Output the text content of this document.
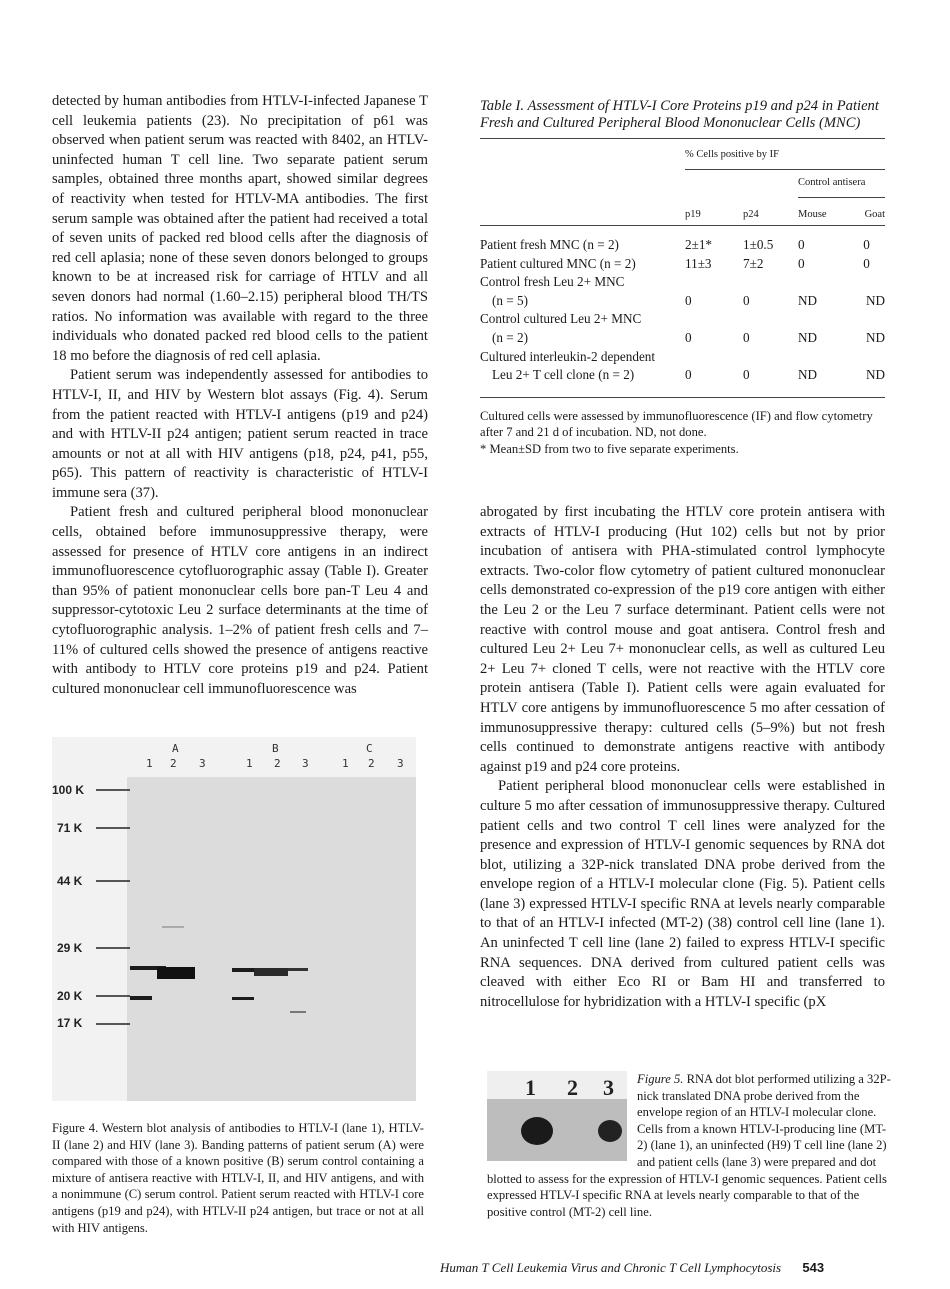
detected by human antibodies from HTLV-I-infected Japanese T cell leukemia patients (23). No precipitation of p61 was observed when patient serum was reacted with 8402, an HTLV-uninfected human T cell line. Two separate patient serum samples, obtained three months apart, showed similar degrees of reactivity when tested for HTLV-MA antibodies. The first serum sample was obtained after the patient had received a total of seven units of packed red blood cells after the diagnosis of red cell aplasia; none of these seven donors belonged to groups known to be at increased risk for carriage of HTLV and all seven donors had normal (1.60–2.15) peripheral blood TH/TS ratios. No information was available with regard to the three individuals who donated packed red blood cells to the patient 18 mo before the diagnosis of red cell aplasia.

Patient serum was independently assessed for antibodies to HTLV-I, II, and HIV by Western blot assays (Fig. 4). Serum from the patient reacted with HTLV-I antigens (p19 and p24) and with HTLV-II p24 antigen; patient serum reacted in trace amounts or not at all with HIV antigens (p18, p24, p41, p55, p65). This pattern of reactivity is characteristic of HTLV-I immune sera (37).

Patient fresh and cultured peripheral blood mononuclear cells, obtained before immunosuppressive therapy, were assessed for presence of HTLV core antigens in an indirect immunofluorescence cytofluorographic assay (Table I). Greater than 95% of patient mononuclear cells bore pan-T Leu 4 and suppressor-cytotoxic Leu 2 surface determinants at the time of cytofluorographic analysis. 1–2% of patient fresh cells and 7–11% of cultured cells showed the presence of antigens reactive with antibody to HTLV core proteins p19 and p24. Patient cultured mononuclear cell immunofluorescence was

Table I. Assessment of HTLV-I Core Proteins p19 and p24 in Patient Fresh and Cultured Peripheral Blood Mononuclear Cells (MNC)

	% Cells positive by IF			
			Control antisera	
	p19	p24	Mouse	Goat

Patient fresh MNC (n = 2)	2±1*	1±0.5	0	0
Patient cultured MNC (n = 2)	11±3	7±2	0	0
Control fresh Leu 2+ MNC				
(n = 5)	0	0	ND	ND
Control cultured Leu 2+ MNC				
(n = 2)	0	0	ND	ND
Cultured interleukin-2 dependent				
Leu 2+ T cell clone (n = 2)	0	0	ND	ND

Cultured cells were assessed by immunofluorescence (IF) and flow cytometry after 7 and 21 d of incubation. ND, not done.
* Mean±SD from two to five separate experiments.

abrogated by first incubating the HTLV core protein antisera with extracts of HTLV-I producing (Hut 102) cells but not by prior incubation of antisera with PHA-stimulated control lymphocyte extracts. Two-color flow cytometry of patient cultured mononuclear cells demonstrated co-expression of the p19 core antigen with either the Leu 2 or the Leu 7 surface determinant. Patient cells were not reactive with control mouse and goat antisera. Control fresh and cultured Leu 2+ Leu 7+ mononuclear cells, as well as cultured Leu 2+ Leu 7+ cloned T cells, were not reactive with the HTLV core protein antisera (Table I). Patient cells were again evaluated for HTLV core antigens by immunofluorescence 5 mo after cessation of immunosuppressive therapy: cultured cells (5–9%) but not fresh cells continued to demonstrate antigens reactive with antibody against p19 and p24 core proteins.

Patient peripheral blood mononuclear cells were established in culture 5 mo after cessation of immunosuppressive therapy. Cultured patient cells and two control T cell lines were analyzed for the presence and expression of HTLV-I genomic sequences by RNA dot blot, utilizing a 32P-nick translated DNA probe derived from the envelope region of a HTLV-I molecular clone (Fig. 5). Patient cells (lane 3) expressed HTLV-I specific RNA at levels nearly comparable to that of an HTLV-I infected (MT-2) (38) control cell line (lane 1). An uninfected T cell line (lane 2) failed to express HTLV-I specific RNA sequences. DNA derived from cultured patient cells was cleaved with either Eco RI or Bam HI and transferred to nitrocellulose for hybridization with a HTLV-I specific (pX

A	B	C
1 2 3	1 2 3	1 2 3
100 K
71 K
44 K
29 K
20 K
17 K
Figure 4. Western blot analysis of antibodies to HTLV-I (lane 1), HTLV-II (lane 2) and HIV (lane 3). Banding patterns of patient serum (A) were compared with those of a known positive (B) serum control containing a mixture of antisera reactive with HTLV-I, II, and HIV antigens, and with a nonimmune (C) serum control. Patient serum reacted with HTLV-I core antigens (p19 and p24), with HTLV-II p24 antigen, but trace or not at all with HIV antigens.
1 2 3 Figure 5. RNA dot blot performed utilizing a 32P-nick translated DNA probe derived from the envelope region of an HTLV-I molecular clone. Cells from a known HTLV-I-producing line (MT-2) (lane 1), an uninfected (H9) T cell line (lane 2) and patient cells (lane 3) were prepared and dot blotted to assess for the expression of HTLV-I genomic sequences. Patient cells expressed HTLV-I specific RNA at levels nearly comparable to that of the positive control (MT-2) cell line.
Human T Cell Leukemia Virus and Chronic T Cell Lymphocytosis 543
